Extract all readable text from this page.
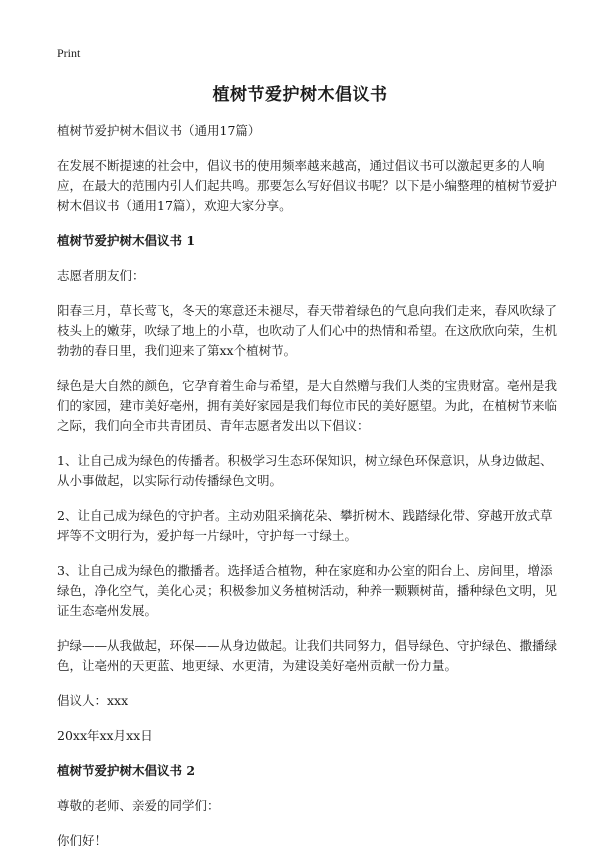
Print
植树节爱护树木倡议书

植树节爱护树木倡议书（通用17篇）

在发展不断提速的社会中，倡议书的使用频率越来越高，通过倡议书可以激起更多的人响应，在最大的范围内引人们起共鸣。那要怎么写好倡议书呢？以下是小编整理的植树节爱护树木倡议书（通用17篇），欢迎大家分享。

植树节爱护树木倡议书 1

志愿者朋友们：

阳春三月，草长莺飞，冬天的寒意还未褪尽，春天带着绿色的气息向我们走来，春风吹绿了枝头上的嫩芽，吹绿了地上的小草，也吹动了人们心中的热情和希望。在这欣欣向荣，生机勃勃的春日里，我们迎来了第xx个植树节。

绿色是大自然的颜色，它孕育着生命与希望，是大自然赠与我们人类的宝贵财富。亳州是我们的家园，建市美好亳州，拥有美好家园是我们每位市民的美好愿望。为此，在植树节来临之际，我们向全市共青团员、青年志愿者发出以下倡议：

1、让自己成为绿色的传播者。积极学习生态环保知识，树立绿色环保意识，从身边做起、从小事做起，以实际行动传播绿色文明。

2、让自己成为绿色的守护者。主动劝阻采摘花朵、攀折树木、践踏绿化带、穿越开放式草坪等不文明行为，爱护每一片绿叶，守护每一寸绿土。

3、让自己成为绿色的撒播者。选择适合植物，种在家庭和办公室的阳台上、房间里，增添绿色，净化空气，美化心灵；积极参加义务植树活动，种养一颗颗树苗，播种绿色文明，见证生态亳州发展。

护绿——从我做起，环保——从身边做起。让我们共同努力，倡导绿色、守护绿色、撒播绿色，让亳州的天更蓝、地更绿、水更清，为建设美好亳州贡献一份力量。

倡议人：xxx

20xx年xx月xx日

植树节爱护树木倡议书 2

尊敬的老师、亲爱的同学们：

你们好！
